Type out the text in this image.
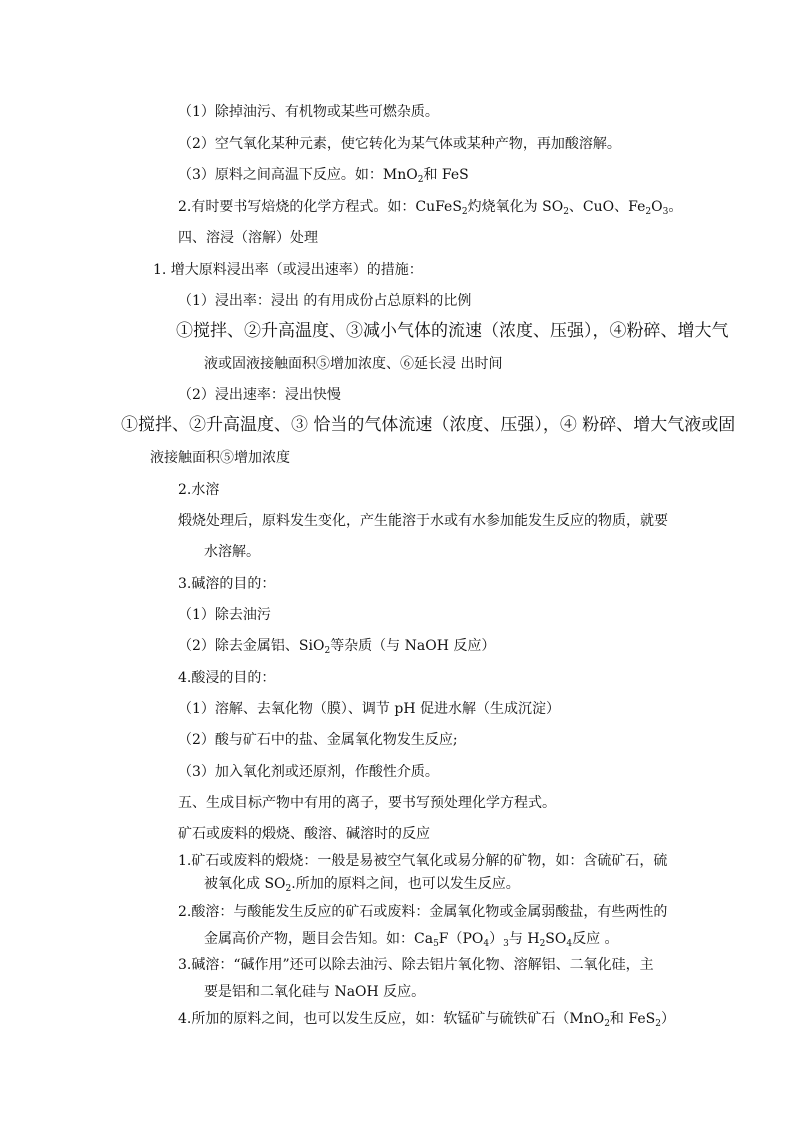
（1）除掉油污、有机物或某些可燃杂质。
（2）空气氧化某种元素，使它转化为某气体或某种产物，再加酸溶解。
（3）原料之间高温下反应。如：MnO$_2$和 FeS
2.有时要书写焙烧的化学方程式。如：CuFeS$_2$灼烧氧化为 $SO_2$、CuO、$Fe_2O_3$。
四、溶浸（溶解）处理
1. 增大原料浸出率（或浸出速率）的措施：
（1）浸出率：浸出 的有用成份占总原料的比例
①搅拌、②升高温度、③减小气体的流速（浓度、压强），④粉碎、增大气
液或固液接触面积⑤增加浓度、⑥延长浸 出时间
（2）浸出速率：浸出快慢
①搅拌、②升高温度、③ 恰当的气体流速（浓度、压强），④ 粉碎、增大气液或固
液接触面积⑤增加浓度
2.水溶
煅烧处理后，原料发生变化，产生能溶于水或有水参加能发生反应的物质，就要
水溶解。
3.碱溶的目的：
（1）除去油污
（2）除去金属铝、SiO$_2$等杂质（与 NaOH 反应）
4.酸浸的目的：
（1）溶解、去氧化物（膜）、调节 pH 促进水解（生成沉淀）
（2）酸与矿石中的盐、金属氧化物发生反应;
（3）加入氧化剂或还原剂，作酸性介质。
五、生成目标产物中有用的离子，要书写预处理化学方程式。
矿石或废料的煅烧、酸溶、碱溶时的反应
1.矿石或废料的煅烧：一般是易被空气氧化或易分解的矿物，如：含硫矿石，硫
被氧化成 $SO_2$.所加的原料之间，也可以发生反应。
2.酸溶：与酸能发生反应的矿石或废料：金属氧化物或金属弱酸盐，有些两性的
金属高价产物，题目会告知。如：$Ca_5F(PO_4)_3$与 $H_2SO_4$反应 。
3.碱溶：“碱作用”还可以除去油污、除去铝片氧化物、溶解铝、二氧化硅，主
要是铝和二氧化硅与 NaOH 反应。
4.所加的原料之间，也可以发生反应，如：软锰矿与硫铁矿石（MnO$_2$和 FeS$_2$）
